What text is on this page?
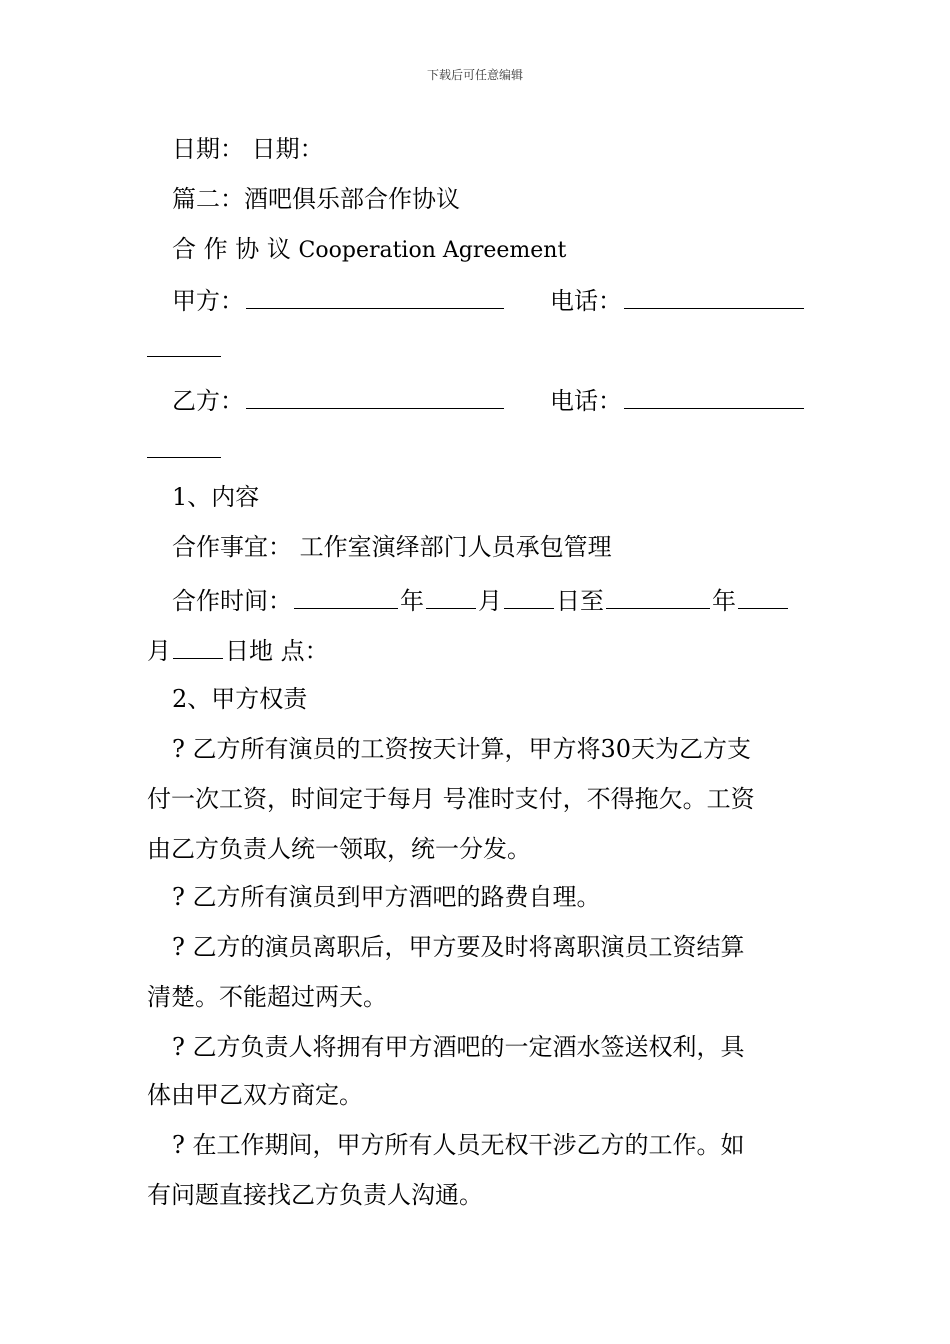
下载后可任意编辑
日期： 日期：
篇二：酒吧俱乐部合作协议
合 作 协 议 Cooperation Agreement
甲方：	电话：
乙方：	电话：
1、内容
合作事宜： 工作室演绎部门人员承包管理
合作时间：	年 月 日至	年
月 日地 点：
2、甲方权责
? 乙方所有演员的工资按天计算，甲方将30天为乙方支
付一次工资，时间定于每月 号准时支付，不得拖欠。工资
由乙方负责人统一领取，统一分发。
? 乙方所有演员到甲方酒吧的路费自理。
? 乙方的演员离职后，甲方要及时将离职演员工资结算
清楚。不能超过两天。
? 乙方负责人将拥有甲方酒吧的一定酒水签送权利，具
体由甲乙双方商定。
? 在工作期间，甲方所有人员无权干涉乙方的工作。如
有问题直接找乙方负责人沟通。
